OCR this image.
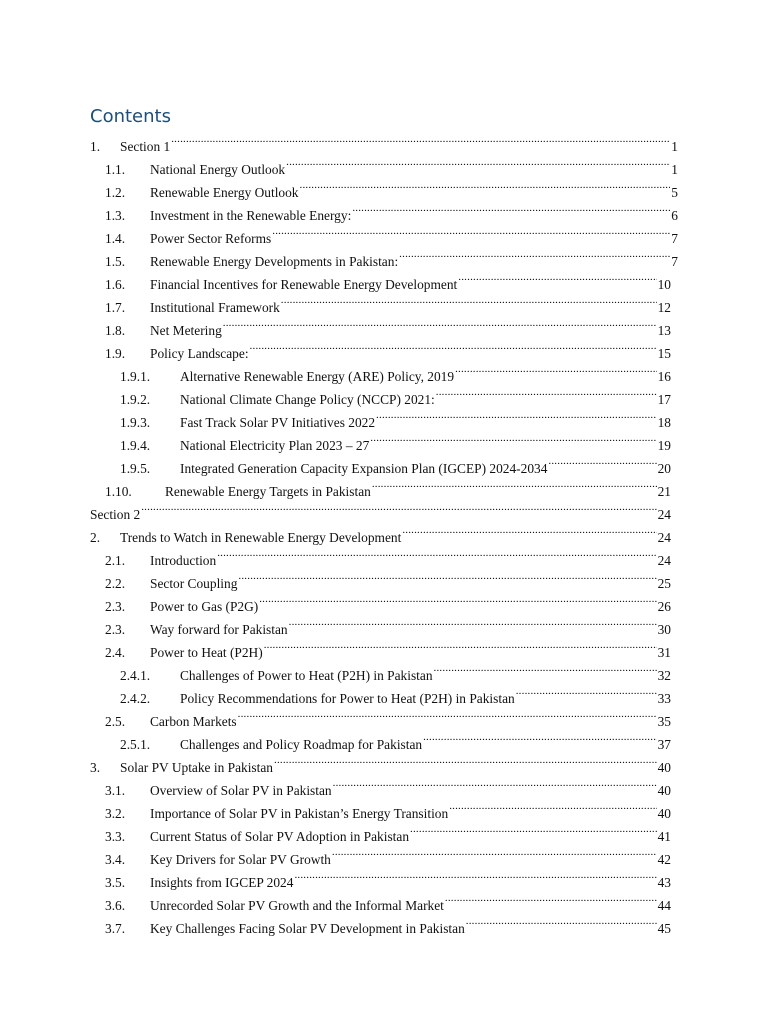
Contents
1.	Section 1 .....	1
1.1.	National Energy Outlook .....	1
1.2.	Renewable Energy Outlook .....	5
1.3.	Investment in the Renewable Energy: .....	6
1.4.	Power Sector Reforms .....	7
1.5.	Renewable Energy Developments in Pakistan: .....	7
1.6.	Financial Incentives for Renewable Energy Development .....	10
1.7.	Institutional Framework .....	12
1.8.	Net Metering .....	13
1.9.	Policy Landscape: .....	15
1.9.1.	Alternative Renewable Energy (ARE) Policy, 2019 .....	16
1.9.2.	National Climate Change Policy (NCCP) 2021: .....	17
1.9.3.	Fast Track Solar PV Initiatives 2022 .....	18
1.9.4.	National Electricity Plan 2023 – 27 .....	19
1.9.5.	Integrated Generation Capacity Expansion Plan (IGCEP) 2024-2034 .....	20
1.10.	Renewable Energy Targets in Pakistan .....	21
Section 2 .....	24
2.	Trends to Watch in Renewable Energy Development .....	24
2.1.	Introduction .....	24
2.2.	Sector Coupling .....	25
2.3.	Power to Gas (P2G) .....	26
2.3.	Way forward for Pakistan .....	30
2.4.	Power to Heat (P2H) .....	31
2.4.1.	Challenges of Power to Heat (P2H) in Pakistan .....	32
2.4.2.	Policy Recommendations for Power to Heat (P2H) in Pakistan .....	33
2.5.	Carbon Markets .....	35
2.5.1.	Challenges and Policy Roadmap for Pakistan .....	37
3.	Solar PV Uptake in Pakistan .....	40
3.1.	Overview of Solar PV in Pakistan .....	40
3.2.	Importance of Solar PV in Pakistan’s Energy Transition .....	40
3.3.	Current Status of Solar PV Adoption in Pakistan .....	41
3.4.	Key Drivers for Solar PV Growth .....	42
3.5.	Insights from IGCEP 2024 .....	43
3.6.	Unrecorded Solar PV Growth and the Informal Market .....	44
3.7.	Key Challenges Facing Solar PV Development in Pakistan .....	45
